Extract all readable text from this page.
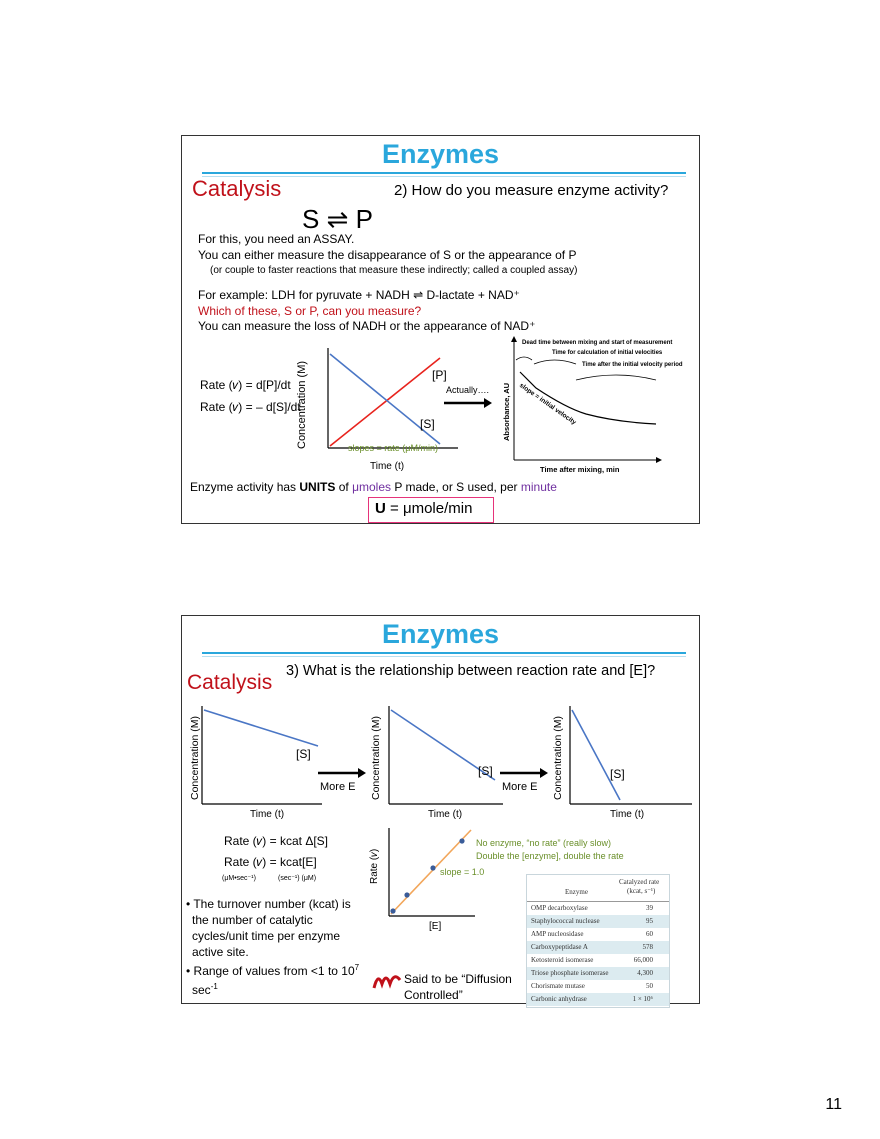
Enzymes
Catalysis	2) How do you measure enzyme activity?
S ⇌ P
For this, you need an ASSAY.
You can either measure the disappearance of S or the appearance of P
(or couple to faster reactions that measure these indirectly; called a coupled assay)
For example: LDH for pyruvate + NADH ⇌ D-lactate + NAD⁺
Which of these, S or P, can you measure?
You can measure the loss of NADH or the appearance of NAD⁺
Rate (𝑣) = d[P]/dt
Rate (𝑣) = – d[S]/dt
Concentration (M)	[P]
[S]
slopes = rate (μM/min)
Time (t)
Actually….
Dead time between mixing and start of measurement
Time for calculation of initial velocities
Time after the initial velocity period
slope = initial velocity
Absorbance, AU
Time after mixing, min
Enzyme activity has UNITS of μmoles P made, or S used, per minute
U = μmole/min
Enzymes
Catalysis 3) What is the relationship between reaction rate and [E]?
Concentration (M)	Concentration (M)	Concentration (M)
[S]
[S]	[S]
More E	More E
Time (t)	Time (t)	Time (t)
Rate (𝑣) = kcat Δ[S]
Rate (𝑣) = kcat[E]
(μM•sec⁻¹)	(sec⁻¹) (μM)	Rate (𝑣)
[E]
slope = 1.0
No enzyme, “no rate” (really slow)
Double the [enzyme], double the rate
• The turnover number (kcat) is
the number of catalytic
cycles/unit time per enzyme
active site.
• Range of values from <1 to $10^7$
$\sec^{-1}$
Said to be “Diffusion
Controlled”
Enzyme
Catalyzed rate
(kcat, s⁻¹)
OMP decarboxylase	39
Staphylococcal nuclease	95
AMP nucleosidase	60
Carboxypeptidase A	578
Ketosteroid isomerase	66,000
Triose phosphate isomerase	4,300
Chorismate mutase	50
Carbonic anhydrase	1 × 10⁶
11
